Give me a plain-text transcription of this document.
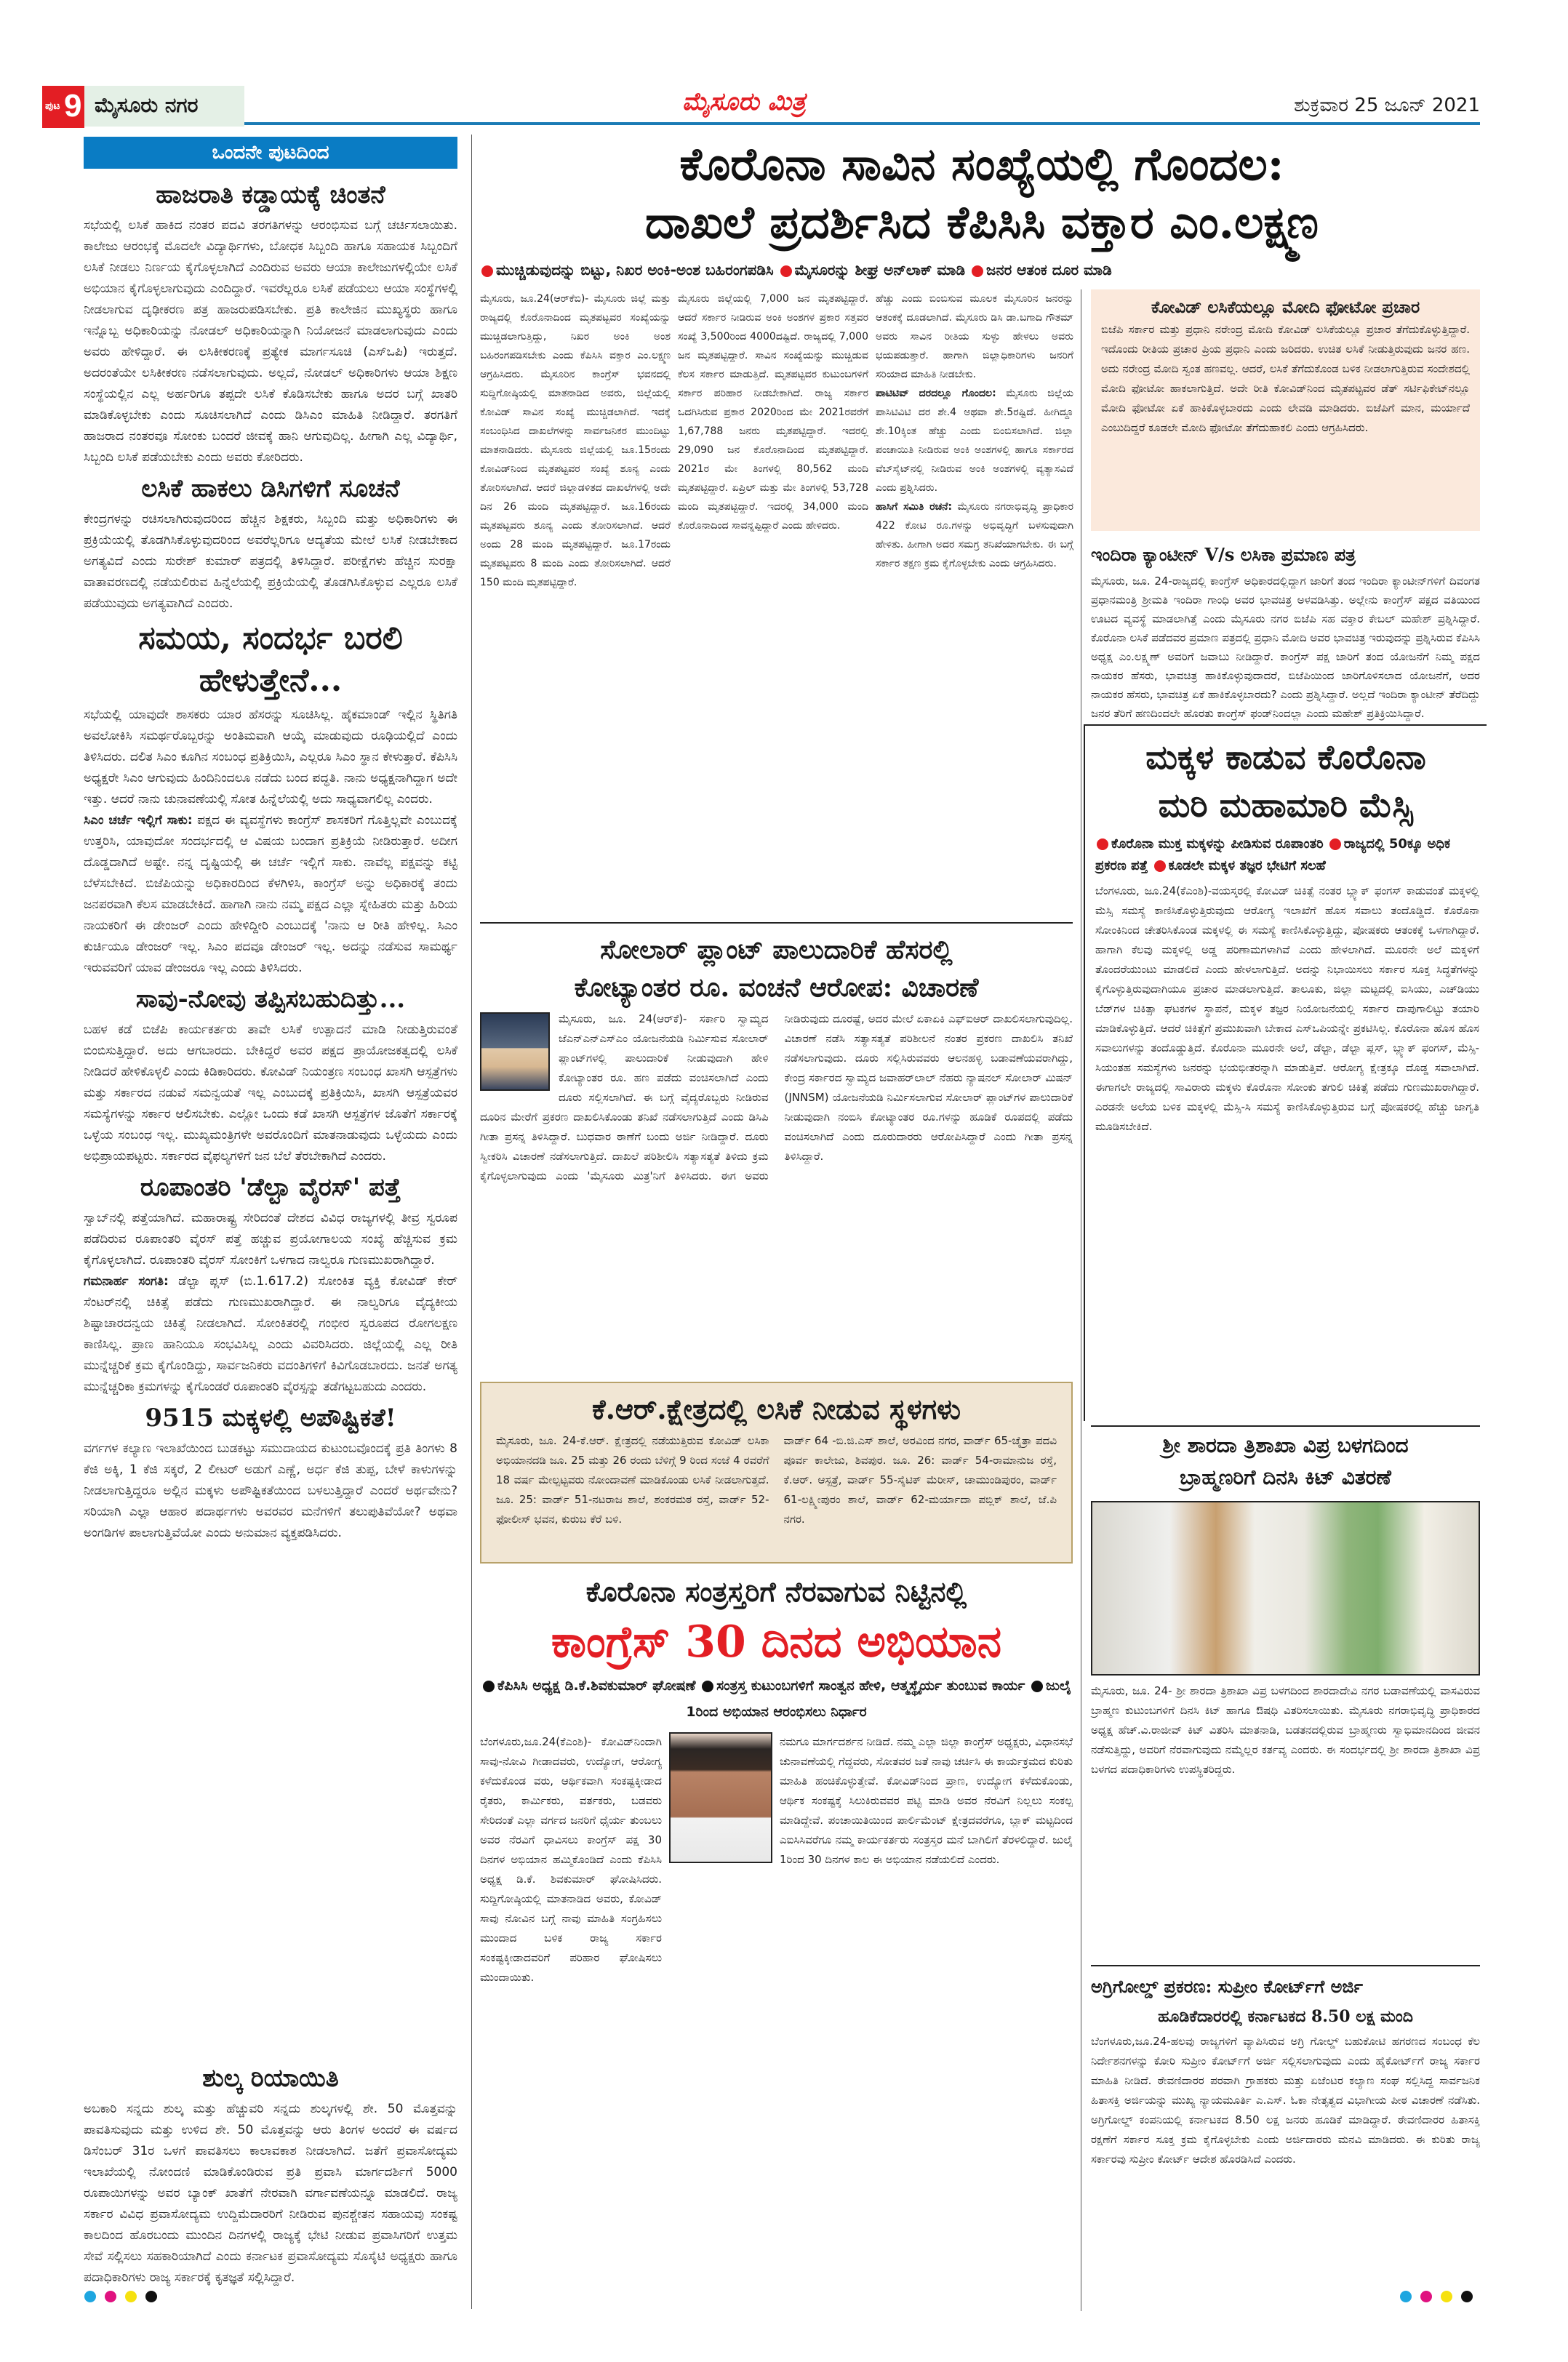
ಪುಟ 9 ಮೈಸೂರು ನಗರ	ಮೈಸೂರು ಮಿತ್ರ	ಶುಕ್ರವಾರ 25 ಜೂನ್ 2021
ಒಂದನೇ ಪುಟದಿಂದ
ಹಾಜರಾತಿ ಕಡ್ಡಾಯಕ್ಕೆ ಚಿಂತನೆ

ಸಭೆಯಲ್ಲಿ ಲಸಿಕೆ ಹಾಕಿದ ನಂತರ ಪದವಿ ತರಗತಿಗಳನ್ನು ಆರಂಭಿಸುವ ಬಗ್ಗೆ ಚರ್ಚಿಸಲಾಯಿತು. ಕಾಲೇಜು ಆರಂಭಕ್ಕೆ ಮೊದಲೇ ವಿದ್ಯಾರ್ಥಿಗಳು, ಬೋಧಕ ಸಿಬ್ಬಂದಿ ಹಾಗೂ ಸಹಾಯಕ ಸಿಬ್ಬಂದಿಗೆ ಲಸಿಕೆ ನೀಡಲು ನಿರ್ಣಯ ಕೈಗೊಳ್ಳಲಾಗಿದೆ ಎಂದಿರುವ ಅವರು ಆಯಾ ಕಾಲೇಜುಗಳಲ್ಲಿಯೇ ಲಸಿಕೆ ಅಭಿಯಾನ ಕೈಗೊಳ್ಳಲಾಗುವುದು ಎಂದಿದ್ದಾರೆ. ಇವರೆಲ್ಲರೂ ಲಸಿಕೆ ಪಡೆಯಲು ಆಯಾ ಸಂಸ್ಥೆಗಳಲ್ಲಿ ನೀಡಲಾಗುವ ದೃಢೀಕರಣ ಪತ್ರ ಹಾಜರುಪಡಿಸಬೇಕು. ಪ್ರತಿ ಕಾಲೇಜಿನ ಮುಖ್ಯಸ್ಥರು ಹಾಗೂ ಇನ್ನೊಬ್ಬ ಅಧಿಕಾರಿಯನ್ನು ನೋಡಲ್ ಅಧಿಕಾರಿಯನ್ನಾಗಿ ನಿಯೋಜನೆ ಮಾಡಲಾಗುವುದು ಎಂದು ಅವರು ಹೇಳಿದ್ದಾರೆ. ಈ ಲಸಿಕೀಕರಣಕ್ಕೆ ಪ್ರತ್ಯೇಕ ಮಾರ್ಗಸೂಚಿ (ಎಸ್‌ಒಪಿ) ಇರುತ್ತದೆ. ಅದರಂತೆಯೇ ಲಸಿಕೀಕರಣ ನಡೆಸಲಾಗುವುದು. ಅಲ್ಲದೆ, ನೋಡಲ್ ಅಧಿಕಾರಿಗಳು ಆಯಾ ಶಿಕ್ಷಣ ಸಂಸ್ಥೆಯಲ್ಲಿನ ಎಲ್ಲ ಅರ್ಹರಿಗೂ ತಪ್ಪದೇ ಲಸಿಕೆ ಕೊಡಿಸಬೇಕು ಹಾಗೂ ಅದರ ಬಗ್ಗೆ ಖಾತರಿ ಮಾಡಿಕೊಳ್ಳಬೇಕು ಎಂದು ಸೂಚಿಸಲಾಗಿದೆ ಎಂದು ಡಿಸಿಎಂ ಮಾಹಿತಿ ನೀಡಿದ್ದಾರೆ. ತರಗತಿಗೆ ಹಾಜರಾದ ನಂತರವೂ ಸೋಂಕು ಬಂದರೆ ಜೀವಕ್ಕೆ ಹಾನಿ ಆಗುವುದಿಲ್ಲ. ಹೀಗಾಗಿ ಎಲ್ಲ ವಿದ್ಯಾರ್ಥಿ, ಸಿಬ್ಬಂದಿ ಲಸಿಕೆ ಪಡೆಯಬೇಕು ಎಂದು ಅವರು ಕೋರಿದರು.

ಲಸಿಕೆ ಹಾಕಲು ಡಿಸಿಗಳಿಗೆ ಸೂಚನೆ

ಕೇಂದ್ರಗಳನ್ನು ರಚಿಸಲಾಗಿರುವುದರಿಂದ ಹೆಚ್ಚಿನ ಶಿಕ್ಷಕರು, ಸಿಬ್ಬಂದಿ ಮತ್ತು ಅಧಿಕಾರಿಗಳು ಈ ಪ್ರಕ್ರಿಯೆಯಲ್ಲಿ ತೊಡಗಿಸಿಕೊಳ್ಳುವುದರಿಂದ ಅವರೆಲ್ಲರಿಗೂ ಆದ್ಯತೆಯ ಮೇಲೆ ಲಸಿಕೆ ನೀಡಬೇಕಾದ ಅಗತ್ಯವಿದೆ ಎಂದು ಸುರೇಶ್ ಕುಮಾರ್ ಪತ್ರದಲ್ಲಿ ತಿಳಿಸಿದ್ದಾರೆ. ಪರೀಕ್ಷೆಗಳು ಹೆಚ್ಚಿನ ಸುರಕ್ಷಾ ವಾತಾವರಣದಲ್ಲಿ ನಡೆಯಲಿರುವ ಹಿನ್ನೆಲೆಯಲ್ಲಿ ಪ್ರಕ್ರಿಯೆಯಲ್ಲಿ ತೊಡಗಿಸಿಕೊಳ್ಳುವ ಎಲ್ಲರೂ ಲಸಿಕೆ ಪಡೆಯುವುದು ಅಗತ್ಯವಾಗಿದೆ ಎಂದರು.

ಸಮಯ, ಸಂದರ್ಭ ಬರಲಿ ಹೇಳುತ್ತೇನೆ...

ಸಭೆಯಲ್ಲಿ ಯಾವುದೇ ಶಾಸಕರು ಯಾರ ಹೆಸರನ್ನು ಸೂಚಿಸಿಲ್ಲ. ಹೈಕಮಾಂಡ್ ಇಲ್ಲಿನ ಸ್ಥಿತಿಗತಿ ಅವಲೋಕಿಸಿ ಸಮರ್ಥರೊಬ್ಬರನ್ನು ಅಂತಿಮವಾಗಿ ಆಯ್ಕೆ ಮಾಡುವುದು ರೂಢಿಯಲ್ಲಿದೆ ಎಂದು ತಿಳಿಸಿದರು. ದಲಿತ ಸಿಎಂ ಕೂಗಿನ ಸಂಬಂಧ ಪ್ರತಿಕ್ರಿಯಿಸಿ, ಎಲ್ಲರೂ ಸಿಎಂ ಸ್ಥಾನ ಕೇಳುತ್ತಾರೆ. ಕೆಪಿಸಿಸಿ ಅಧ್ಯಕ್ಷರೇ ಸಿಎಂ ಆಗುವುದು ಹಿಂದಿನಿಂದಲೂ ನಡೆದು ಬಂದ ಪದ್ಧತಿ. ನಾನು ಅಧ್ಯಕ್ಷನಾಗಿದ್ದಾಗ ಅದೇ ಇತ್ತು. ಆದರೆ ನಾನು ಚುನಾವಣೆಯಲ್ಲಿ ಸೋತ ಹಿನ್ನೆಲೆಯಲ್ಲಿ ಅದು ಸಾಧ್ಯವಾಗಲಿಲ್ಲ ಎಂದರು.

ಸಿಎಂ ಚರ್ಚೆ ಇಲ್ಲಿಗೆ ಸಾಕು: ಪಕ್ಷದ ಈ ವ್ಯವಸ್ಥೆಗಳು ಕಾಂಗ್ರೆಸ್ ಶಾಸಕರಿಗೆ ಗೊತ್ತಿಲ್ಲವೇ ಎಂಬುದಕ್ಕೆ ಉತ್ತರಿಸಿ, ಯಾವುದೋ ಸಂದರ್ಭದಲ್ಲಿ ಆ ವಿಷಯ ಬಂದಾಗ ಪ್ರತಿಕ್ರಿಯೆ ನೀಡಿರುತ್ತಾರೆ. ಅದೀಗ ದೊಡ್ಡದಾಗಿದೆ ಅಷ್ಟೇ. ನನ್ನ ದೃಷ್ಟಿಯಲ್ಲಿ ಈ ಚರ್ಚೆ ಇಲ್ಲಿಗೆ ಸಾಕು. ನಾವೆಲ್ಲ ಪಕ್ಷವನ್ನು ಕಟ್ಟಿ ಬೆಳೆಸಬೇಕಿದೆ. ಬಿಜೆಪಿಯನ್ನು ಅಧಿಕಾರದಿಂದ ಕೆಳಗಿಳಿಸಿ, ಕಾಂಗ್ರೆಸ್ ಅನ್ನು ಅಧಿಕಾರಕ್ಕೆ ತಂದು ಜನಪರವಾಗಿ ಕೆಲಸ ಮಾಡಬೇಕಿದೆ. ಹಾಗಾಗಿ ನಾನು ನಮ್ಮ ಪಕ್ಷದ ಎಲ್ಲಾ ಸ್ನೇಹಿತರು ಮತ್ತು ಹಿರಿಯ ನಾಯಕರಿಗೆ ಈ ಡೇಂಜರ್ ಎಂದು ಹೇಳಿದ್ದೀರಿ ಎಂಬುದಕ್ಕೆ 'ನಾನು ಆ ರೀತಿ ಹೇಳಿಲ್ಲ. ಸಿಎಂ ಕುರ್ಚಿಯೂ ಡೇಂಜರ್ ಇಲ್ಲ. ಸಿಎಂ ಪದವೂ ಡೇಂಜರ್ ಇಲ್ಲ. ಅದನ್ನು ನಡೆಸುವ ಸಾಮರ್ಥ್ಯ ಇರುವವರಿಗೆ ಯಾವ ಡೇಂಜರೂ ಇಲ್ಲ ಎಂದು ತಿಳಿಸಿದರು.

ಸಾವು-ನೋವು ತಪ್ಪಿಸಬಹುದಿತ್ತು...

ಬಹಳ ಕಡೆ ಬಿಜೆಪಿ ಕಾರ್ಯಕರ್ತರು ತಾವೇ ಲಸಿಕೆ ಉತ್ಪಾದನೆ ಮಾಡಿ ನೀಡುತ್ತಿರುವಂತೆ ಬಿಂಬಿಸುತ್ತಿದ್ದಾರೆ. ಅದು ಆಗಬಾರದು. ಬೇಕಿದ್ದರೆ ಅವರ ಪಕ್ಷದ ಪ್ರಾಯೋಜಕತ್ವದಲ್ಲಿ ಲಸಿಕೆ ನೀಡಿದರೆ ಹೇಳಿಕೊಳ್ಳಲಿ ಎಂದು ಕಿಡಿಕಾರಿದರು. ಕೋವಿಡ್ ನಿಯಂತ್ರಣ ಸಂಬಂಧ ಖಾಸಗಿ ಆಸ್ಪತ್ರೆಗಳು ಮತ್ತು ಸರ್ಕಾರದ ನಡುವೆ ಸಮನ್ವಯತೆ ಇಲ್ಲ ಎಂಬುದಕ್ಕೆ ಪ್ರತಿಕ್ರಿಯಿಸಿ, ಖಾಸಗಿ ಆಸ್ಪತ್ರೆಯವರ ಸಮಸ್ಯೆಗಳನ್ನು ಸರ್ಕಾರ ಆಲಿಸಬೇಕು. ಎಲ್ಲೋ ಒಂದು ಕಡೆ ಖಾಸಗಿ ಆಸ್ಪತ್ರೆಗಳ ಜೊತೆಗೆ ಸರ್ಕಾರಕ್ಕೆ ಒಳ್ಳೆಯ ಸಂಬಂಧ ಇಲ್ಲ. ಮುಖ್ಯಮಂತ್ರಿಗಳೇ ಅವರೊಂದಿಗೆ ಮಾತನಾಡುವುದು ಒಳ್ಳೆಯದು ಎಂದು ಅಭಿಪ್ರಾಯಪಟ್ಟರು. ಸರ್ಕಾರದ ವೈಫಲ್ಯಗಳಿಗೆ ಜನ ಬೆಲೆ ತೆರಬೇಕಾಗಿದೆ ಎಂದರು.

ರೂಪಾಂತರಿ 'ಡೆಲ್ಟಾ ವೈರಸ್' ಪತ್ತೆ

ಸ್ವಾಬ್‌ನಲ್ಲಿ ಪತ್ತೆಯಾಗಿದೆ. ಮಹಾರಾಷ್ಟ್ರ ಸೇರಿದಂತೆ ದೇಶದ ವಿವಿಧ ರಾಜ್ಯಗಳಲ್ಲಿ ತೀವ್ರ ಸ್ವರೂಪ ಪಡೆದಿರುವ ರೂಪಾಂತರಿ ವೈರಸ್ ಪತ್ತೆ ಹಚ್ಚುವ ಪ್ರಯೋಗಾಲಯ ಸಂಖ್ಯೆ ಹೆಚ್ಚಿಸುವ ಕ್ರಮ ಕೈಗೊಳ್ಳಲಾಗಿದೆ. ರೂಪಾಂತರಿ ವೈರಸ್ ಸೋಂಕಿಗೆ ಒಳಗಾದ ನಾಲ್ವರೂ ಗುಣಮುಖರಾಗಿದ್ದಾರೆ.

ಗಮನಾರ್ಹ ಸಂಗತಿ: ಡೆಲ್ಟಾ ಪ್ಲಸ್ (ಬಿ.1.617.2) ಸೋಂಕಿತ ವ್ಯಕ್ತಿ ಕೋವಿಡ್ ಕೇರ್ ಸೆಂಟರ್‌ನಲ್ಲಿ ಚಿಕಿತ್ಸೆ ಪಡೆದು ಗುಣಮುಖರಾಗಿದ್ದಾರೆ. ಈ ನಾಲ್ವರಿಗೂ ವೈದ್ಯಕೀಯ ಶಿಷ್ಟಾಚಾರದನ್ವಯ ಚಿಕಿತ್ಸೆ ನೀಡಲಾಗಿದೆ. ಸೋಂಕಿತರಲ್ಲಿ ಗಂಭೀರ ಸ್ವರೂಪದ ರೋಗಲಕ್ಷಣ ಕಾಣಿಸಿಲ್ಲ. ಪ್ರಾಣ ಹಾನಿಯೂ ಸಂಭವಿಸಿಲ್ಲ ಎಂದು ವಿವರಿಸಿದರು. ಜಿಲ್ಲೆಯಲ್ಲಿ ಎಲ್ಲ ರೀತಿ ಮುನ್ನೆಚ್ಚರಿಕೆ ಕ್ರಮ ಕೈಗೊಂಡಿದ್ದು, ಸಾರ್ವಜನಿಕರು ವದಂತಿಗಳಿಗೆ ಕಿವಿಗೊಡಬಾರದು. ಜನತೆ ಅಗತ್ಯ ಮುನ್ನೆಚ್ಚರಿಕಾ ಕ್ರಮಗಳನ್ನು ಕೈಗೊಂಡರೆ ರೂಪಾಂತರಿ ವೈರಸ್ಸನ್ನು ತಡೆಗಟ್ಟಬಹುದು ಎಂದರು.

9515 ಮಕ್ಕಳಲ್ಲಿ ಅಪೌಷ್ಟಿಕತೆ!

ವರ್ಗಗಳ ಕಲ್ಯಾಣ ಇಲಾಖೆಯಿಂದ ಬುಡಕಟ್ಟು ಸಮುದಾಯದ ಕುಟುಂಬವೊಂದಕ್ಕೆ ಪ್ರತಿ ತಿಂಗಳು 8 ಕೆಜಿ ಅಕ್ಕಿ, 1 ಕೆಜಿ ಸಕ್ಕರೆ, 2 ಲೀಟರ್ ಅಡುಗೆ ಎಣ್ಣೆ, ಅರ್ಧ ಕೆಜಿ ತುಪ್ಪ, ಬೇಳೆ ಕಾಳುಗಳನ್ನು ನೀಡಲಾಗುತ್ತಿದ್ದರೂ ಅಲ್ಲಿನ ಮಕ್ಕಳು ಅಪೌಷ್ಟಿಕತೆಯಿಂದ ಬಳಲುತ್ತಿದ್ದಾರೆ ಎಂದರೆ ಅರ್ಥವೇನು? ಸರಿಯಾಗಿ ಎಲ್ಲಾ ಆಹಾರ ಪದಾರ್ಥಗಳು ಅವರವರ ಮನೆಗಳಿಗೆ ತಲುಪುತಿವೆಯೋ? ಅಥವಾ ಅಂಗಡಿಗಳ ಪಾಲಾಗುತ್ತಿವೆಯೋ ಎಂದು ಅನುಮಾನ ವ್ಯಕ್ತಪಡಿಸಿದರು.

ಶುಲ್ಕ ರಿಯಾಯಿತಿ

ಅಬಕಾರಿ ಸನ್ನದು ಶುಲ್ಕ ಮತ್ತು ಹೆಚ್ಚುವರಿ ಸನ್ನದು ಶುಲ್ಕಗಳಲ್ಲಿ ಶೇ. 50 ಮೊತ್ತವನ್ನು ಪಾವತಿಸುವುದು ಮತ್ತು ಉಳಿದ ಶೇ. 50 ಮೊತ್ತವನ್ನು ಆರು ತಿಂಗಳ ಅಂದರೆ ಈ ವರ್ಷದ ಡಿಸೆಂಬರ್ 31ರ ಒಳಗೆ ಪಾವತಿಸಲು ಕಾಲಾವಕಾಶ ನೀಡಲಾಗಿದೆ. ಜತೆಗೆ ಪ್ರವಾಸೋದ್ಯಮ ಇಲಾಖೆಯಲ್ಲಿ ನೋಂದಣಿ ಮಾಡಿಕೊಂಡಿರುವ ಪ್ರತಿ ಪ್ರವಾಸಿ ಮಾರ್ಗದರ್ಶಿಗೆ 5000 ರೂಪಾಯಿಗಳನ್ನು ಅವರ ಬ್ಯಾಂಕ್ ಖಾತೆಗೆ ನೇರವಾಗಿ ವರ್ಗಾವಣೆಯನ್ನೂ ಮಾಡಲಿದೆ. ರಾಜ್ಯ ಸರ್ಕಾರ ವಿವಿಧ ಪ್ರವಾಸೋದ್ಯಮ ಉದ್ದಿಮೆದಾರರಿಗೆ ನೀಡಿರುವ ಪುನಶ್ಚೇತನ ಸಹಾಯವು ಸಂಕಷ್ಟ ಕಾಲದಿಂದ ಹೊರಬಂದು ಮುಂದಿನ ದಿನಗಳಲ್ಲಿ ರಾಜ್ಯಕ್ಕೆ ಭೇಟಿ ನೀಡುವ ಪ್ರವಾಸಿಗರಿಗೆ ಉತ್ತಮ ಸೇವೆ ಸಲ್ಲಿಸಲು ಸಹಕಾರಿಯಾಗಿದೆ ಎಂದು ಕರ್ನಾಟಕ ಪ್ರವಾಸೋದ್ಯಮ ಸೊಸೈಟಿ ಅಧ್ಯಕ್ಷರು ಹಾಗೂ ಪದಾಧಿಕಾರಿಗಳು ರಾಜ್ಯ ಸರ್ಕಾರಕ್ಕೆ ಕೃತಜ್ಞತೆ ಸಲ್ಲಿಸಿದ್ದಾರೆ.

ಕೊರೊನಾ ಸಾವಿನ ಸಂಖ್ಯೆಯಲ್ಲಿ ಗೊಂದಲ:
ದಾಖಲೆ ಪ್ರದರ್ಶಿಸಿದ ಕೆಪಿಸಿಸಿ ವಕ್ತಾರ ಎಂ.ಲಕ್ಷ್ಮಣ
ಮುಚ್ಚಿಡುವುದನ್ನು ಬಿಟ್ಟು, ನಿಖರ ಅಂಕಿ-ಅಂಶ ಬಹಿರಂಗಪಡಿಸಿ ಮೈಸೂರನ್ನು ಶೀಘ್ರ ಅನ್‌ಲಾಕ್ ಮಾಡಿ ಜನರ ಆತಂಕ ದೂರ ಮಾಡಿ

ಮೈಸೂರು, ಜೂ.24(ಆರ್‌ಕೆಬಿ)- ಮೈಸೂರು ಜಿಲ್ಲೆ ಮತ್ತು ರಾಜ್ಯದಲ್ಲಿ ಕೊರೊನಾದಿಂದ ಮೃತಪಟ್ಟವರ ಸಂಖ್ಯೆಯನ್ನು ಮುಚ್ಚಿಡಲಾಗುತ್ತಿದ್ದು, ನಿಖರ ಅಂಕಿ ಅಂಶ ಬಹಿರಂಗಪಡಿಸಬೇಕು ಎಂದು ಕೆಪಿಸಿಸಿ ವಕ್ತಾರ ಎಂ.ಲಕ್ಷ್ಮಣ ಆಗ್ರಹಿಸಿದರು. ಮೈಸೂರಿನ ಕಾಂಗ್ರೆಸ್ ಭವನದಲ್ಲಿ ಸುದ್ದಿಗೋಷ್ಠಿಯಲ್ಲಿ ಮಾತನಾಡಿದ ಅವರು, ಜಿಲ್ಲೆಯಲ್ಲಿ ಕೋವಿಡ್ ಸಾವಿನ ಸಂಖ್ಯೆ ಮುಚ್ಚಿಡಲಾಗಿದೆ. ಇದಕ್ಕೆ ಸಂಬಂಧಿಸಿದ ದಾಖಲೆಗಳನ್ನು ಸಾರ್ವಜನಿಕರ ಮುಂದಿಟ್ಟು ಮಾತನಾಡಿದರು. ಮೈಸೂರು ಜಿಲ್ಲೆಯಲ್ಲಿ ಜೂ.15ರಂದು ಕೋವಿಡ್‌ನಿಂದ ಮೃತಪಟ್ಟವರ ಸಂಖ್ಯೆ ಶೂನ್ಯ ಎಂದು ತೋರಿಸಲಾಗಿದೆ. ಆದರೆ ಜಿಲ್ಲಾಡಳಿತದ ದಾಖಲೆಗಳಲ್ಲಿ ಅದೇ ದಿನ 26 ಮಂದಿ ಮೃತಪಟ್ಟಿದ್ದಾರೆ. ಜೂ.16ರಂದು ಮೃತಪಟ್ಟವರು ಶೂನ್ಯ ಎಂದು ತೋರಿಸಲಾಗಿದೆ. ಆದರೆ ಅಂದು 28 ಮಂದಿ ಮೃತಪಟ್ಟಿದ್ದಾರೆ. ಜೂ.17ರಂದು ಮೃತಪಟ್ಟವರು 8 ಮಂದಿ ಎಂದು ತೋರಿಸಲಾಗಿದೆ. ಆದರೆ 150 ಮಂದಿ ಮೃತಪಟ್ಟಿದ್ದಾರೆ.

ಮೈಸೂರು ಜಿಲ್ಲೆಯಲ್ಲಿ 7,000 ಜನ ಮೃತಪಟ್ಟಿದ್ದಾರೆ. ಆದರೆ ಸರ್ಕಾರ ನೀಡಿರುವ ಅಂಕಿ ಅಂಶಗಳ ಪ್ರಕಾರ ಸತ್ತವರ ಸಂಖ್ಯೆ 3,500ರಿಂದ 4000ದಷ್ಟಿದೆ. ರಾಜ್ಯದಲ್ಲಿ 7,000 ಜನ ಮೃತಪಟ್ಟಿದ್ದಾರೆ. ಸಾವಿನ ಸಂಖ್ಯೆಯನ್ನು ಮುಚ್ಚಿಡುವ ಕೆಲಸ ಸರ್ಕಾರ ಮಾಡುತ್ತಿದೆ. ಮೃತಪಟ್ಟವರ ಕುಟುಂಬಗಳಿಗೆ ಸರ್ಕಾರ ಪರಿಹಾರ ನೀಡಬೇಕಾಗಿದೆ. ರಾಜ್ಯ ಸರ್ಕಾರ ಒದಗಿಸಿರುವ ಪ್ರಕಾರ 2020ರಿಂದ ಮೇ 2021ರವರೆಗೆ 1,67,788 ಜನರು ಮೃತಪಟ್ಟಿದ್ದಾರೆ. ಇದರಲ್ಲಿ 29,090 ಜನ ಕೊರೊನಾದಿಂದ ಮೃತಪಟ್ಟಿದ್ದಾರೆ. 2021ರ ಮೇ ತಿಂಗಳಲ್ಲಿ 80,562 ಮಂದಿ ಮೃತಪಟ್ಟಿದ್ದಾರೆ. ಏಪ್ರಿಲ್ ಮತ್ತು ಮೇ ತಿಂಗಳಲ್ಲಿ 53,728 ಮಂದಿ ಮೃತಪಟ್ಟಿದ್ದಾರೆ. ಇದರಲ್ಲಿ 34,000 ಮಂದಿ ಕೊರೊನಾದಿಂದ ಸಾವನ್ನಪ್ಪಿದ್ದಾರೆ ಎಂದು ಹೇಳಿದರು.

ಹೆಚ್ಚು ಎಂದು ಬಿಂಬಿಸುವ ಮೂಲಕ ಮೈಸೂರಿನ ಜನರನ್ನು ಆತಂಕಕ್ಕೆ ದೂಡಲಾಗಿದೆ. ಮೈಸೂರು ಡಿಸಿ ಡಾ.ಬಗಾದಿ ಗೌತಮ್ ಅವರು ಸಾವಿನ ರೀತಿಯ ಸುಳ್ಳು ಹೇಳಲು ಅವರು ಭಯಪಡುತ್ತಾರೆ. ಹಾಗಾಗಿ ಜಿಲ್ಲಾಧಿಕಾರಿಗಳು ಜನರಿಗೆ ಸರಿಯಾದ ಮಾಹಿತಿ ನೀಡಬೇಕು.

ಪಾಟಿಟಿವ್ ದರದಲ್ಲೂ ಗೊಂದಲ: ಮೈಸೂರು ಜಿಲ್ಲೆಯ ಪಾಸಿಟಿವಿಟಿ ದರ ಶೇ.4 ಅಥವಾ ಶೇ.5ರಷ್ಟಿದೆ. ಹೀಗಿದ್ದೂ ಶೇ.10ಕ್ಕಿಂತ ಹೆಚ್ಚು ಎಂದು ಬಿಂಬಿಸಲಾಗಿದೆ. ಜಿಲ್ಲಾ ಪಂಚಾಯಿತಿ ನೀಡಿರುವ ಅಂಕಿ ಅಂಶಗಳಲ್ಲಿ ಹಾಗೂ ಸರ್ಕಾರದ ವೆಬ್‌ಸೈಟ್‌ನಲ್ಲಿ ನೀಡಿರುವ ಅಂಕಿ ಅಂಶಗಳಲ್ಲಿ ವ್ಯತ್ಯಾಸವಿದೆ ಎಂದು ಪ್ರಶ್ನಿಸಿದರು.

ಹಾಸಿಗೆ ಸಮಿತಿ ರಚನೆ: ಮೈಸೂರು ನಗರಾಭಿವೃದ್ಧಿ ಪ್ರಾಧಿಕಾರ 422 ಕೋಟಿ ರೂ.ಗಳನ್ನು ಅಭಿವೃದ್ಧಿಗೆ ಬಳಸುವುದಾಗಿ ಹೇಳಿತು. ಹೀಗಾಗಿ ಅದರ ಸಮಗ್ರ ತನಿಖೆಯಾಗಬೇಕು. ಈ ಬಗ್ಗೆ ಸರ್ಕಾರ ತಕ್ಷಣ ಕ್ರಮ ಕೈಗೊಳ್ಳಬೇಕು ಎಂದು ಆಗ್ರಹಿಸಿದರು.

ಕೋವಿಡ್ ಲಸಿಕೆಯಲ್ಲೂ ಮೋದಿ ಫೋಟೋ ಪ್ರಚಾರ

ಬಿಜೆಪಿ ಸರ್ಕಾರ ಮತ್ತು ಪ್ರಧಾನಿ ನರೇಂದ್ರ ಮೋದಿ ಕೋವಿಡ್ ಲಸಿಕೆಯಲ್ಲೂ ಪ್ರಚಾರ ತೆಗೆದುಕೊಳ್ಳುತ್ತಿದ್ದಾರೆ. ಇದೊಂದು ರೀತಿಯ ಪ್ರಚಾರ ಪ್ರಿಯ ಪ್ರಧಾನಿ ಎಂದು ಜರಿದರು. ಉಚಿತ ಲಸಿಕೆ ನೀಡುತ್ತಿರುವುದು ಜನರ ಹಣ. ಅದು ನರೇಂದ್ರ ಮೋದಿ ಸ್ವಂತ ಹಣವಲ್ಲ. ಆದರೆ, ಲಸಿಕೆ ತೆಗೆದುಕೊಂಡ ಬಳಿಕ ನೀಡಲಾಗುತ್ತಿರುವ ಸಂದೇಶದಲ್ಲಿ ಮೋದಿ ಫೋಟೋ ಹಾಕಲಾಗುತ್ತಿದೆ. ಅದೇ ರೀತಿ ಕೋವಿಡ್‌ನಿಂದ ಮೃತಪಟ್ಟವರ ಡೆತ್ ಸರ್ಟಿಫಿಕೇಟ್‌ನಲ್ಲೂ ಮೋದಿ ಫೋಟೋ ಏಕೆ ಹಾಕಿಕೊಳ್ಳಬಾರದು ಎಂದು ಲೇವಡಿ ಮಾಡಿದರು. ಬಿಜೆಪಿಗೆ ಮಾನ, ಮರ್ಯಾದೆ ಎಂಬುದಿದ್ದರೆ ಕೂಡಲೇ ಮೋದಿ ಫೋಟೋ ತೆಗೆದುಹಾಕಲಿ ಎಂದು ಆಗ್ರಹಿಸಿದರು.

ಇಂದಿರಾ ಕ್ಯಾಂಟೀನ್ V/s ಲಸಿಕಾ ಪ್ರಮಾಣ ಪತ್ರ

ಮೈಸೂರು, ಜೂ. 24-ರಾಜ್ಯದಲ್ಲಿ ಕಾಂಗ್ರೆಸ್ ಅಧಿಕಾರದಲ್ಲಿದ್ದಾಗ ಜಾರಿಗೆ ತಂದ ಇಂದಿರಾ ಕ್ಯಾಂಟೀನ್‌ಗಳಿಗೆ ದಿವಂಗತ ಪ್ರಧಾನಮಂತ್ರಿ ಶ್ರೀಮತಿ ಇಂದಿರಾ ಗಾಂಧಿ ಅವರ ಭಾವಚಿತ್ರ ಅಳವಡಿಸಿತ್ತು. ಅಲ್ಲೇನು ಕಾಂಗ್ರೆಸ್ ಪಕ್ಷದ ವತಿಯಿಂದ ಊಟದ ವ್ಯವಸ್ಥೆ ಮಾಡಲಾಗಿತ್ತೆ ಎಂದು ಮೈಸೂರು ನಗರ ಬಿಜೆಪಿ ಸಹ ವಕ್ತಾರ ಕೇಬಲ್ ಮಹೇಶ್ ಪ್ರಶ್ನಿಸಿದ್ದಾರೆ. ಕೊರೊನಾ ಲಸಿಕೆ ಪಡೆದವರ ಪ್ರಮಾಣ ಪತ್ರದಲ್ಲಿ ಪ್ರಧಾನಿ ಮೋದಿ ಅವರ ಭಾವಚಿತ್ರ ಇರುವುದನ್ನು ಪ್ರಶ್ನಿಸಿರುವ ಕೆಪಿಸಿಸಿ ಅಧ್ಯಕ್ಷ ಎಂ.ಲಕ್ಷ್ಮಣ್ ಅವರಿಗೆ ಜವಾಬು ನೀಡಿದ್ದಾರೆ. ಕಾಂಗ್ರೆಸ್ ಪಕ್ಷ ಜಾರಿಗೆ ತಂದ ಯೋಜನೆಗೆ ನಿಮ್ಮ ಪಕ್ಷದ ನಾಯಕರ ಹೆಸರು, ಭಾವಚಿತ್ರ ಹಾಕಿಕೊಳ್ಳುವುದಾದರೆ, ಬಿಜೆಪಿಯಿಂದ ಜಾರಿಗೊಳಿಸಲಾದ ಯೋಜನೆಗೆ, ಅದರ ನಾಯಕರ ಹೆಸರು, ಭಾವಚಿತ್ರ ಏಕೆ ಹಾಕಿಕೊಳ್ಳಬಾರದು? ಎಂದು ಪ್ರಶ್ನಿಸಿದ್ದಾರೆ. ಅಲ್ಲದೆ ಇಂದಿರಾ ಕ್ಯಾಂಟೀನ್ ತೆರೆದಿದ್ದು ಜನರ ತೆರಿಗೆ ಹಣದಿಂದಲೇ ಹೊರತು ಕಾಂಗ್ರೆಸ್ ಫಂಡ್‌ನಿಂದಲ್ಲಾ ಎಂದು ಮಹೇಶ್ ಪ್ರತಿಕ್ರಿಯಿಸಿದ್ದಾರೆ.

ಮಕ್ಕಳ ಕಾಡುವ ಕೊರೊನಾ
ಮರಿ ಮಹಾಮಾರಿ ಮೆಸ್ಸಿ
ಕೊರೊನಾ ಮುಕ್ತ ಮಕ್ಕಳನ್ನು ಪೀಡಿಸುವ ರೂಪಾಂತರಿ ರಾಜ್ಯದಲ್ಲಿ 50ಕ್ಕೂ ಅಧಿಕ ಪ್ರಕರಣ ಪತ್ತೆ ಕೂಡಲೇ ಮಕ್ಕಳ ತಜ್ಞರ ಭೇಟಿಗೆ ಸಲಹೆ

ಬೆಂಗಳೂರು, ಜೂ.24(ಕೆಎಂಶಿ)-ವಯಸ್ಕರಲ್ಲಿ ಕೋವಿಡ್ ಚಿಕಿತ್ಸೆ ನಂತರ ಬ್ಲ್ಯಾಕ್ ಫಂಗಸ್ ಕಾಡುವಂತೆ ಮಕ್ಕಳಲ್ಲಿ ಮೆಸ್ಸಿ ಸಮಸ್ಯೆ ಕಾಣಿಸಿಕೊಳ್ಳುತ್ತಿರುವುದು ಆರೋಗ್ಯ ಇಲಾಖೆಗೆ ಹೊಸ ಸವಾಲು ತಂದೊಡ್ಡಿದೆ. ಕೊರೊನಾ ಸೋಂಕಿನಿಂದ ಚೇತರಿಸಿಕೊಂಡ ಮಕ್ಕಳಲ್ಲಿ ಈ ಸಮಸ್ಯೆ ಕಾಣಿಸಿಕೊಳ್ಳುತ್ತಿದ್ದು, ಪೋಷಕರು ಆತಂಕಕ್ಕೆ ಒಳಗಾಗಿದ್ದಾರೆ. ಹಾಗಾಗಿ ಕೆಲವು ಮಕ್ಕಳಲ್ಲಿ ಅಡ್ಡ ಪರಿಣಾಮಗಳಾಗಿವೆ ಎಂದು ಹೇಳಲಾಗಿದೆ. ಮೂರನೇ ಅಲೆ ಮಕ್ಕಳಿಗೆ ತೊಂದರೆಯುಂಟು ಮಾಡಲಿದೆ ಎಂದು ಹೇಳಲಾಗುತ್ತಿದೆ. ಅದನ್ನು ನಿಭಾಯಿಸಲು ಸರ್ಕಾರ ಸೂಕ್ತ ಸಿದ್ಧತೆಗಳನ್ನು ಕೈಗೊಳ್ಳುತ್ತಿರುವುದಾಗಿಯೂ ಪ್ರಚಾರ ಮಾಡಲಾಗುತ್ತಿದೆ. ತಾಲೂಕು, ಜಿಲ್ಲಾ ಮಟ್ಟದಲ್ಲಿ ಐಸಿಯು, ಎಚ್‌ಡಿಯು ಬೆಡ್‌ಗಳ ಚಿಕಿತ್ಸಾ ಘಟಕಗಳ ಸ್ಥಾಪನೆ, ಮಕ್ಕಳ ತಜ್ಞರ ನಿಯೋಜನೆಯಲ್ಲಿ ಸರ್ಕಾರ ದಾಪುಗಾಲಿಟ್ಟು ತಯಾರಿ ಮಾಡಿಕೊಳ್ಳುತ್ತಿದೆ. ಆದರೆ ಚಿಕಿತ್ಸೆಗೆ ಪ್ರಮುಖವಾಗಿ ಬೇಕಾದ ಎಸ್‌ಒಪಿಯನ್ನೇ ಪ್ರಕಟಿಸಿಲ್ಲ. ಕೊರೊನಾ ಹೊಸ ಹೊಸ ಸವಾಲುಗಳನ್ನು ತಂದೊಡ್ಡುತ್ತಿದೆ. ಕೊರೊನಾ ಮೂರನೇ ಅಲೆ, ಡೆಲ್ಟಾ, ಡೆಲ್ಟಾ ಪ್ಲಸ್, ಬ್ಲ್ಯಾಕ್ ಫಂಗಸ್, ಮೆಸ್ಸಿ-ಸಿಯಂತಹ ಸಮಸ್ಯೆಗಳು ಜನರನ್ನು ಭಯಭೀತರನ್ನಾಗಿ ಮಾಡುತ್ತಿವೆ. ಆರೋಗ್ಯ ಕ್ಷೇತ್ರಕ್ಕೂ ದೊಡ್ಡ ಸವಾಲಾಗಿದೆ. ಈಗಾಗಲೇ ರಾಜ್ಯದಲ್ಲಿ ಸಾವಿರಾರು ಮಕ್ಕಳು ಕೊರೊನಾ ಸೋಂಕು ತಗುಲಿ ಚಿಕಿತ್ಸೆ ಪಡೆದು ಗುಣಮುಖರಾಗಿದ್ದಾರೆ. ಎರಡನೇ ಅಲೆಯ ಬಳಿಕ ಮಕ್ಕಳಲ್ಲಿ ಮೆಸ್ಸಿ-ಸಿ ಸಮಸ್ಯೆ ಕಾಣಿಸಿಕೊಳ್ಳುತ್ತಿರುವ ಬಗ್ಗೆ ಪೋಷಕರಲ್ಲಿ ಹೆಚ್ಚು ಜಾಗೃತಿ ಮೂಡಿಸಬೇಕಿದೆ.

ಸೋಲಾರ್ ಪ್ಲಾಂಟ್ ಪಾಲುದಾರಿಕೆ ಹೆಸರಲ್ಲಿ
ಕೋಟ್ಯಾಂತರ ರೂ. ವಂಚನೆ ಆರೋಪ: ವಿಚಾರಣೆ

ಮೈಸೂರು, ಜೂ. 24(ಆರ್‌ಕೆ)- ಸರ್ಕಾರಿ ಸ್ವಾಮ್ಯದ ಜೆಎನ್‌ಎನ್‌ಎಸ್‌ಎಂ ಯೋಜನೆಯಡಿ ನಿರ್ಮಿಸುವ ಸೋಲಾರ್ ಪ್ಲಾಂಟ್‌ಗಳಲ್ಲಿ ಪಾಲುದಾರಿಕೆ ನೀಡುವುದಾಗಿ ಹೇಳಿ ಕೋಟ್ಯಾಂತರ ರೂ. ಹಣ ಪಡೆದು ವಂಚಿಸಲಾಗಿದೆ ಎಂದು ದೂರು ಸಲ್ಲಿಸಲಾಗಿದೆ. ಈ ಬಗ್ಗೆ ವೈದ್ಯರೊಬ್ಬರು ನೀಡಿರುವ ದೂರಿನ ಮೇರೆಗೆ ಪ್ರಕರಣ ದಾಖಲಿಸಿಕೊಂಡು ತನಿಖೆ ನಡೆಸಲಾಗುತ್ತಿದೆ ಎಂದು ಡಿಸಿಪಿ ಗೀತಾ ಪ್ರಸನ್ನ ತಿಳಿಸಿದ್ದಾರೆ. ಬುಧವಾರ ಠಾಣೆಗೆ ಬಂದು ಅರ್ಜಿ ನೀಡಿದ್ದಾರೆ. ದೂರು ಸ್ವೀಕರಿಸಿ ವಿಚಾರಣೆ ನಡೆಸಲಾಗುತ್ತಿದೆ. ದಾಖಲೆ ಪರಿಶೀಲಿಸಿ ಸತ್ಯಾಸತ್ಯತೆ ತಿಳಿದು ಕ್ರಮ ಕೈಗೊಳ್ಳಲಾಗುವುದು ಎಂದು 'ಮೈಸೂರು ಮಿತ್ರ'ನಿಗೆ ತಿಳಿಸಿದರು. ಈಗ ಅವರು ನೀಡಿರುವುದು ದೂರಷ್ಟೆ, ಅದರ ಮೇಲೆ ಏಕಾಏಕಿ ಎಫ್‌ಐಆರ್ ದಾಖಲಿಸಲಾಗುವುದಿಲ್ಲ. ವಿಚಾರಣೆ ನಡೆಸಿ ಸತ್ಯಾಸತ್ಯತೆ ಪರಿಶೀಲನೆ ನಂತರ ಪ್ರಕರಣ ದಾಖಲಿಸಿ ತನಿಖೆ ನಡೆಸಲಾಗುವುದು. ದೂರು ಸಲ್ಲಿಸಿರುವವರು ಆಲನಹಳ್ಳಿ ಬಡಾವಣೆಯವರಾಗಿದ್ದು, ಕೇಂದ್ರ ಸರ್ಕಾರದ ಸ್ವಾಮ್ಯದ ಜವಾಹರ್‌ಲಾಲ್ ನೆಹರು ನ್ಯಾಷನಲ್ ಸೋಲಾರ್ ಮಿಷನ್ (JNNSM) ಯೋಜನೆಯಡಿ ನಿರ್ಮಿಸಲಾಗುವ ಸೋಲಾರ್ ಪ್ಲಾಂಟ್‌ಗಳ ಪಾಲುದಾರಿಕೆ ನೀಡುವುದಾಗಿ ನಂಬಿಸಿ ಕೋಟ್ಯಾಂತರ ರೂ.ಗಳನ್ನು ಹೂಡಿಕೆ ರೂಪದಲ್ಲಿ ಪಡೆದು ವಂಚಿಸಲಾಗಿದೆ ಎಂದು ದೂರುದಾರರು ಆರೋಪಿಸಿದ್ದಾರೆ ಎಂದು ಗೀತಾ ಪ್ರಸನ್ನ ತಿಳಿಸಿದ್ದಾರೆ.

ಕೆ.ಆರ್.ಕ್ಷೇತ್ರದಲ್ಲಿ ಲಸಿಕೆ ನೀಡುವ ಸ್ಥಳಗಳು

ಮೈಸೂರು, ಜೂ. 24-ಕೆ.ಆರ್. ಕ್ಷೇತ್ರದಲ್ಲಿ ನಡೆಯುತ್ತಿರುವ ಕೋವಿಡ್ ಲಸಿಕಾ ಅಭಿಯಾನದಡಿ ಜೂ. 25 ಮತ್ತು 26 ರಂದು ಬೆಳಿಗ್ಗೆ 9 ರಿಂದ ಸಂಜೆ 4 ರವರೆಗೆ 18 ವರ್ಷ ಮೇಲ್ಪಟ್ಟವರು ನೋಂದಾವಣೆ ಮಾಡಿಕೊಂಡು ಲಸಿಕೆ ನೀಡಲಾಗುತ್ತದೆ. ಜೂ. 25: ವಾರ್ಡ್ 51-ನಟರಾಜ ಶಾಲೆ, ಶಂಕರಮಠ ರಸ್ತೆ, ವಾರ್ಡ್ 52-ಫೋಲೀಸ್ ಭವನ, ಕುರುಬ ಕೆರೆ ಬಳಿ.

ವಾರ್ಡ್ 64 -ಬಿ.ಜಿ.ಎಸ್ ಶಾಲೆ, ಅರವಿಂದ ನಗರ, ವಾರ್ಡ್ 65-ಚೈತ್ರಾ ಪದವಿ ಪೂರ್ವ ಕಾಲೇಜು, ಶಿವಪುರ. ಜೂ. 26: ವಾರ್ಡ್ 54-ರಾಮಾನುಜ ರಸ್ತೆ, ಕೆ.ಆರ್. ಆಸ್ಪತ್ರೆ, ವಾರ್ಡ್ 55-ಸೈಟಿಕ್ ಮೆರೀಸ್, ಚಾಮುಂಡಿಪುರಂ, ವಾರ್ಡ್ 61-ಲಕ್ಷ್ಮೀಪುರಂ ಶಾಲೆ, ವಾರ್ಡ್ 62-ಮರ್ಯಾದಾ ಪಬ್ಲಿಕ್ ಶಾಲೆ, ಜೆ.ಪಿ ನಗರ.

ಕೊರೊನಾ ಸಂತ್ರಸ್ತರಿಗೆ ನೆರವಾಗುವ ನಿಟ್ಟಿನಲ್ಲಿ
ಕಾಂಗ್ರೆಸ್ 30 ದಿನದ ಅಭಿಯಾನ
ಕೆಪಿಸಿಸಿ ಅಧ್ಯಕ್ಷ ಡಿ.ಕೆ.ಶಿವಕುಮಾರ್ ಘೋಷಣೆ ಸಂತ್ರಸ್ತ ಕುಟುಂಬಗಳಿಗೆ ಸಾಂತ್ವನ ಹೇಳಿ, ಆತ್ಮಸ್ಥೈರ್ಯ ತುಂಬುವ ಕಾರ್ಯ ಜುಲೈ 1ರಿಂದ ಅಭಿಯಾನ ಆರಂಭಿಸಲು ನಿರ್ಧಾರ

ಬೆಂಗಳೂರು,ಜೂ.24(ಕೆಎಂಶಿ)- ಕೋವಿಡ್‌ನಿಂದಾಗಿ ಸಾವು-ನೋವಿ ಗೀಡಾದವರು, ಉದ್ಯೋಗ, ಆರೋಗ್ಯ ಕಳೆದುಕೊಂಡ ವರು, ಆರ್ಥಿಕವಾಗಿ ಸಂಕಷ್ಟಕ್ಕೀಡಾದ ರೈತರು, ಕಾರ್ಮಿಕರು, ವರ್ತಕರು, ಬಡವರು ಸೇರಿದಂತೆ ಎಲ್ಲಾ ವರ್ಗದ ಜನರಿಗೆ ಧೈರ್ಯ ತುಂಬಲು ಅವರ ನೆರವಿಗೆ ಧಾವಿಸಲು ಕಾಂಗ್ರೆಸ್ ಪಕ್ಷ 30 ದಿನಗಳ ಅಭಿಯಾನ ಹಮ್ಮಿಕೊಂಡಿದೆ ಎಂದು ಕೆಪಿಸಿಸಿ ಅಧ್ಯಕ್ಷ ಡಿ.ಕೆ. ಶಿವಕುಮಾರ್ ಘೋಷಿಸಿದರು. ಸುದ್ದಿಗೋಷ್ಠಿಯಲ್ಲಿ ಮಾತನಾಡಿದ ಅವರು, ಕೋವಿಡ್ ಸಾವು ನೋವಿನ ಬಗ್ಗೆ ನಾವು ಮಾಹಿತಿ ಸಂಗ್ರಹಿಸಲು ಮುಂದಾದ ಬಳಿಕ ರಾಜ್ಯ ಸರ್ಕಾರ ಸಂಕಷ್ಟಕ್ಕೀಡಾದವರಿಗೆ ಪರಿಹಾರ ಘೋಷಿಸಲು ಮುಂದಾಯಿತು.

ನಮಗೂ ಮಾರ್ಗದರ್ಶನ ನೀಡಿದೆ. ನಮ್ಮ ಎಲ್ಲಾ ಜಿಲ್ಲಾ ಕಾಂಗ್ರೆಸ್ ಅಧ್ಯಕ್ಷರು, ವಿಧಾನಸಭೆ ಚುನಾವಣೆಯಲ್ಲಿ ಗೆದ್ದವರು, ಸೋತವರ ಜತೆ ನಾವು ಚರ್ಚಿಸಿ ಈ ಕಾರ್ಯಕ್ರಮದ ಕುರಿತು ಮಾಹಿತಿ ಹಂಚಿಕೊಳ್ಳುತ್ತೇವೆ. ಕೋವಿಡ್‌ನಿಂದ ಪ್ರಾಣ, ಉದ್ಯೋಗ ಕಳೆದುಕೊಂಡು, ಆರ್ಥಿಕ ಸಂಕಷ್ಟಕ್ಕೆ ಸಿಲುಕಿರುವವರ ಪಟ್ಟಿ ಮಾಡಿ ಅವರ ನೆರವಿಗೆ ನಿಲ್ಲಲು ಸಂಕಲ್ಪ ಮಾಡಿದ್ದೇವೆ. ಪಂಚಾಯಿತಿಯಿಂದ ಪಾರ್ಲಿಮೆಂಟ್ ಕ್ಷೇತ್ರದವರೆಗೂ, ಬ್ಲಾಕ್ ಮಟ್ಟದಿಂದ ಎಐಸಿಸಿವರೆಗೂ ನಮ್ಮ ಕಾರ್ಯಕರ್ತರು ಸಂತ್ರಸ್ತರ ಮನೆ ಬಾಗಿಲಿಗೆ ತೆರಳಲಿದ್ದಾರೆ. ಜುಲೈ 1ರಿಂದ 30 ದಿನಗಳ ಕಾಲ ಈ ಅಭಿಯಾನ ನಡೆಯಲಿದೆ ಎಂದರು.

ಶ್ರೀ ಶಾರದಾ ತ್ರಿಶಾಖಾ ವಿಪ್ರ ಬಳಗದಿಂದ
ಬ್ರಾಹ್ಮಣರಿಗೆ ದಿನಸಿ ಕಿಟ್ ವಿತರಣೆ

ಮೈಸೂರು, ಜೂ. 24- ಶ್ರೀ ಶಾರದಾ ತ್ರಿಶಾಖಾ ವಿಪ್ರ ಬಳಗದಿಂದ ಶಾರದಾದೇವಿ ನಗರ ಬಡಾವಣೆಯಲ್ಲಿ ವಾಸವಿರುವ ಬ್ರಾಹ್ಮಣ ಕುಟುಂಬಗಳಿಗೆ ದಿನಸಿ ಕಿಟ್ ಹಾಗೂ ಔಷಧಿ ವಿತರಿಸಲಾಯಿತು. ಮೈಸೂರು ನಗರಾಭಿವೃದ್ಧಿ ಪ್ರಾಧಿಕಾರದ ಅಧ್ಯಕ್ಷ ಹೆಚ್.ವಿ.ರಾಜೀವ್ ಕಿಟ್ ವಿತರಿಸಿ ಮಾತನಾಡಿ, ಬಡತನದಲ್ಲಿರುವ ಬ್ರಾಹ್ಮಣರು ಸ್ವಾಭಿಮಾನದಿಂದ ಜೀವನ ನಡೆಸುತ್ತಿದ್ದು, ಅವರಿಗೆ ನೆರವಾಗುವುದು ನಮ್ಮೆಲ್ಲರ ಕರ್ತವ್ಯ ಎಂದರು. ಈ ಸಂದರ್ಭದಲ್ಲಿ ಶ್ರೀ ಶಾರದಾ ತ್ರಿಶಾಖಾ ವಿಪ್ರ ಬಳಗದ ಪದಾಧಿಕಾರಿಗಳು ಉಪಸ್ಥಿತರಿದ್ದರು.

ಅಗ್ರಿಗೋಲ್ಡ್ ಪ್ರಕರಣ: ಸುಪ್ರೀಂ ಕೋರ್ಟ್‌ಗೆ ಅರ್ಜಿ
ಹೂಡಿಕೆದಾರರಲ್ಲಿ ಕರ್ನಾಟಕದ 8.50 ಲಕ್ಷ ಮಂದಿ

ಬೆಂಗಳೂರು,ಜೂ.24-ಹಲವು ರಾಜ್ಯಗಳಿಗೆ ವ್ಯಾಪಿಸಿರುವ ಅಗ್ರಿ ಗೋಲ್ಡ್ ಬಹುಕೋಟಿ ಹಗರಣದ ಸಂಬಂಧ ಕೆಲ ನಿರ್ದೇಶನಗಳನ್ನು ಕೋರಿ ಸುಪ್ರೀಂ ಕೋರ್ಟ್‌ಗೆ ಅರ್ಜಿ ಸಲ್ಲಿಸಲಾಗುವುದು ಎಂದು ಹೈಕೋರ್ಟ್‌ಗೆ ರಾಜ್ಯ ಸರ್ಕಾರ ಮಾಹಿತಿ ನೀಡಿದೆ. ಠೇವಣಿದಾರರ ಪರವಾಗಿ ಗ್ರಾಹಕರು ಮತ್ತು ಏಜೆಂಟರ ಕಲ್ಯಾಣ ಸಂಘ ಸಲ್ಲಿಸಿದ್ದ ಸಾರ್ವಜನಿಕ ಹಿತಾಸಕ್ತಿ ಅರ್ಜಿಯನ್ನು ಮುಖ್ಯ ನ್ಯಾಯಮೂರ್ತಿ ಎ.ಎಸ್. ಓಕಾ ನೇತೃತ್ವದ ವಿಭಾಗೀಯ ಪೀಠ ವಿಚಾರಣೆ ನಡೆಸಿತು. ಅಗ್ರಿಗೋಲ್ಡ್ ಕಂಪನಿಯಲ್ಲಿ ಕರ್ನಾಟಕದ 8.50 ಲಕ್ಷ ಜನರು ಹೂಡಿಕೆ ಮಾಡಿದ್ದಾರೆ. ಠೇವಣಿದಾರರ ಹಿತಾಸಕ್ತಿ ರಕ್ಷಣೆಗೆ ಸರ್ಕಾರ ಸೂಕ್ತ ಕ್ರಮ ಕೈಗೊಳ್ಳಬೇಕು ಎಂದು ಅರ್ಜಿದಾರರು ಮನವಿ ಮಾಡಿದರು. ಈ ಕುರಿತು ರಾಜ್ಯ ಸರ್ಕಾರವು ಸುಪ್ರೀಂ ಕೋರ್ಟ್ ಆದೇಶ ಹೊರಡಿಸಿದೆ ಎಂದರು.
